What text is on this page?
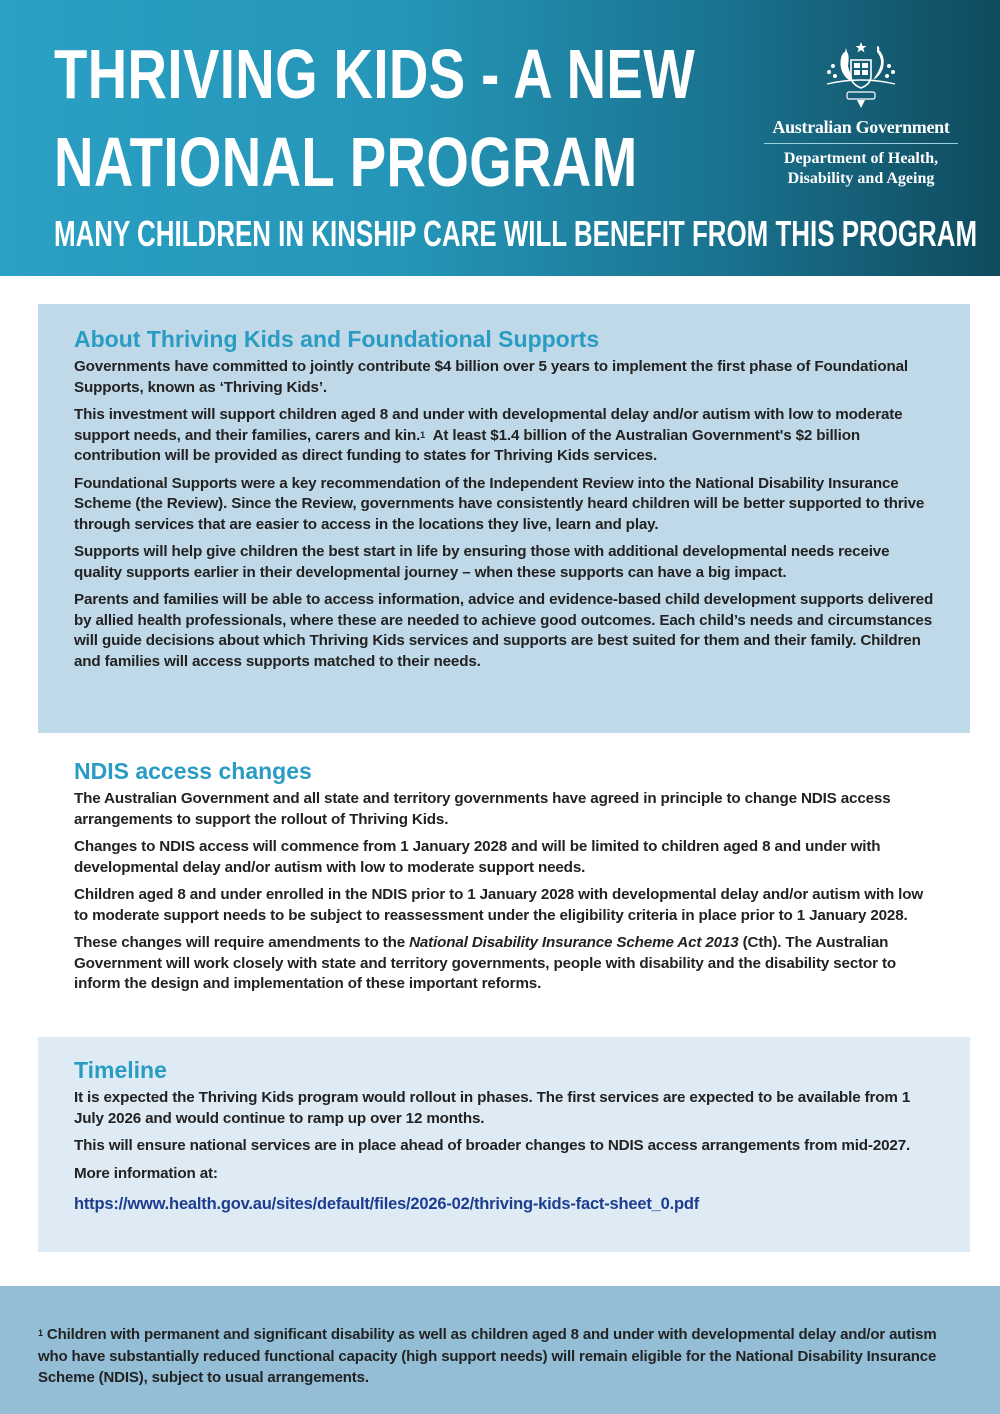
THRIVING KIDS - A NEW
NATIONAL PROGRAM
MANY CHILDREN IN KINSHIP CARE WILL BENEFIT FROM THIS PROGRAM
Australian Government
Department of Health,
Disability and Ageing
About Thriving Kids and Foundational Supports

Governments have committed to jointly contribute $4 billion over 5 years to implement the first phase of Foundational Supports, known as ‘Thriving Kids’.

This investment will support children aged 8 and under with developmental delay and/or autism with low to moderate support needs, and their families, carers and kin.$^1$ At least $1.4 billion of the Australian Government's $2 billion contribution will be provided as direct funding to states for Thriving Kids services.

Foundational Supports were a key recommendation of the Independent Review into the National Disability Insurance Scheme (the Review). Since the Review, governments have consistently heard children will be better supported to thrive through services that are easier to access in the locations they live, learn and play.

Supports will help give children the best start in life by ensuring those with additional developmental needs receive quality supports earlier in their developmental journey – when these supports can have a big impact.

Parents and families will be able to access information, advice and evidence-based child development supports delivered by allied health professionals, where these are needed to achieve good outcomes. Each child’s needs and circumstances will guide decisions about which Thriving Kids services and supports are best suited for them and their family. Children and families will access supports matched to their needs.

NDIS access changes

The Australian Government and all state and territory governments have agreed in principle to change NDIS access arrangements to support the rollout of Thriving Kids.

Changes to NDIS access will commence from 1 January 2028 and will be limited to children aged 8 and under with developmental delay and/or autism with low to moderate support needs.

Children aged 8 and under enrolled in the NDIS prior to 1 January 2028 with developmental delay and/or autism with low to moderate support needs to be subject to reassessment under the eligibility criteria in place prior to 1 January 2028.

These changes will require amendments to the National Disability Insurance Scheme Act 2013 (Cth). The Australian Government will work closely with state and territory governments, people with disability and the disability sector to inform the design and implementation of these important reforms.

Timeline

It is expected the Thriving Kids program would rollout in phases. The first services are expected to be available from 1 July 2026 and would continue to ramp up over 12 months.

This will ensure national services are in place ahead of broader changes to NDIS access arrangements from mid-2027.

More information at:

https://www.health.gov.au/sites/default/files/2026-02/thriving-kids-fact-sheet_0.pdf

$^1$ Children with permanent and significant disability as well as children aged 8 and under with developmental delay and/or autism who have substantially reduced functional capacity (high support needs) will remain eligible for the National Disability Insurance Scheme (NDIS), subject to usual arrangements.
